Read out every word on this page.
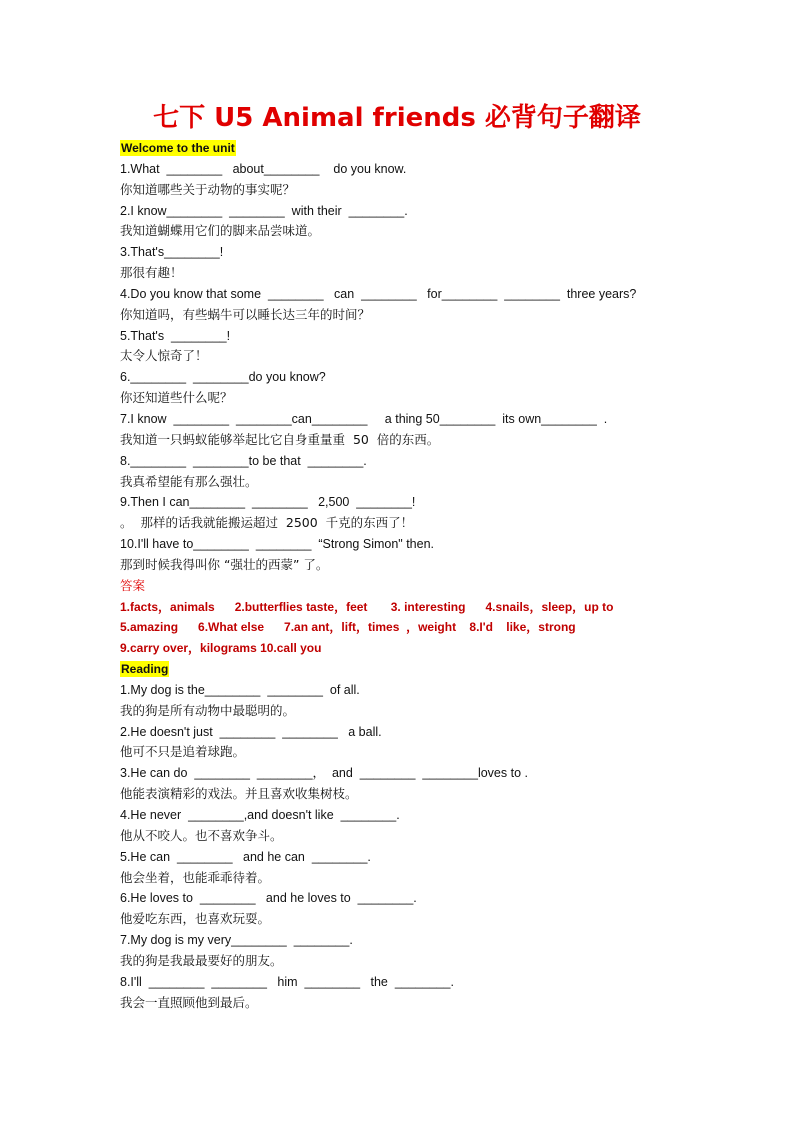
七下 U5 Animal friends 必背句子翻译
Welcome to the unit
1.What  ________   about________    do you know.
你知道哪些关于动物的事实呢？
2.I know________  ________  with their  ________.
我知道蝴蝶用它们的脚来品尝味道。
3.That's________!
那很有趣！
4.Do you know that some  ________   can  ________   for________  ________  three years?
你知道吗，有些蜗牛可以睡长达三年的时间？
5.That's  ________!
太令人惊奇了！
6.________  ________do you know?
你还知道些什么呢？
7.I know  ________  ________can________     a thing 50________  its own________  .
我知道一只蚂蚁能够举起比它自身重量重  50  倍的东西。
8.________  ________to be that  ________.
我真希望能有那么强壮。
9.Then I can________  ________   2,500  ________!
。  那样的话我就能搬运超过  2500  千克的东西了！
10.I'll have to________  ________  “Strong Simon" then.
那到时候我得叫你 “强壮的西蒙” 了。
答案
1.facts，animals      2.butterflies taste，feet       3. interesting      4.snails，sleep，up to
5.amazing      6.What else      7.an ant，lift，times  ，weight    8.I'd    like，strong
9.carry over，kilograms 10.call you
Reading
1.My dog is the________  ________  of all.
我的狗是所有动物中最聪明的。
2.He doesn't just  ________  ________   a ball.
他可不只是追着球跑。
3.He can do  ________  ________，  and  ________  ________loves to .
他能表演精彩的戏法。并且喜欢收集树枝。
4.He never  ________,and doesn't like  ________.
他从不咬人。也不喜欢争斗。
5.He can  ________   and he can  ________.
他会坐着，也能乖乖待着。
6.He loves to  ________   and he loves to  ________.
他爱吃东西，也喜欢玩耍。
7.My dog is my very________  ________.
我的狗是我最最要好的朋友。
8.I'll  ________  ________   him  ________   the  ________.
我会一直照顾他到最后。
